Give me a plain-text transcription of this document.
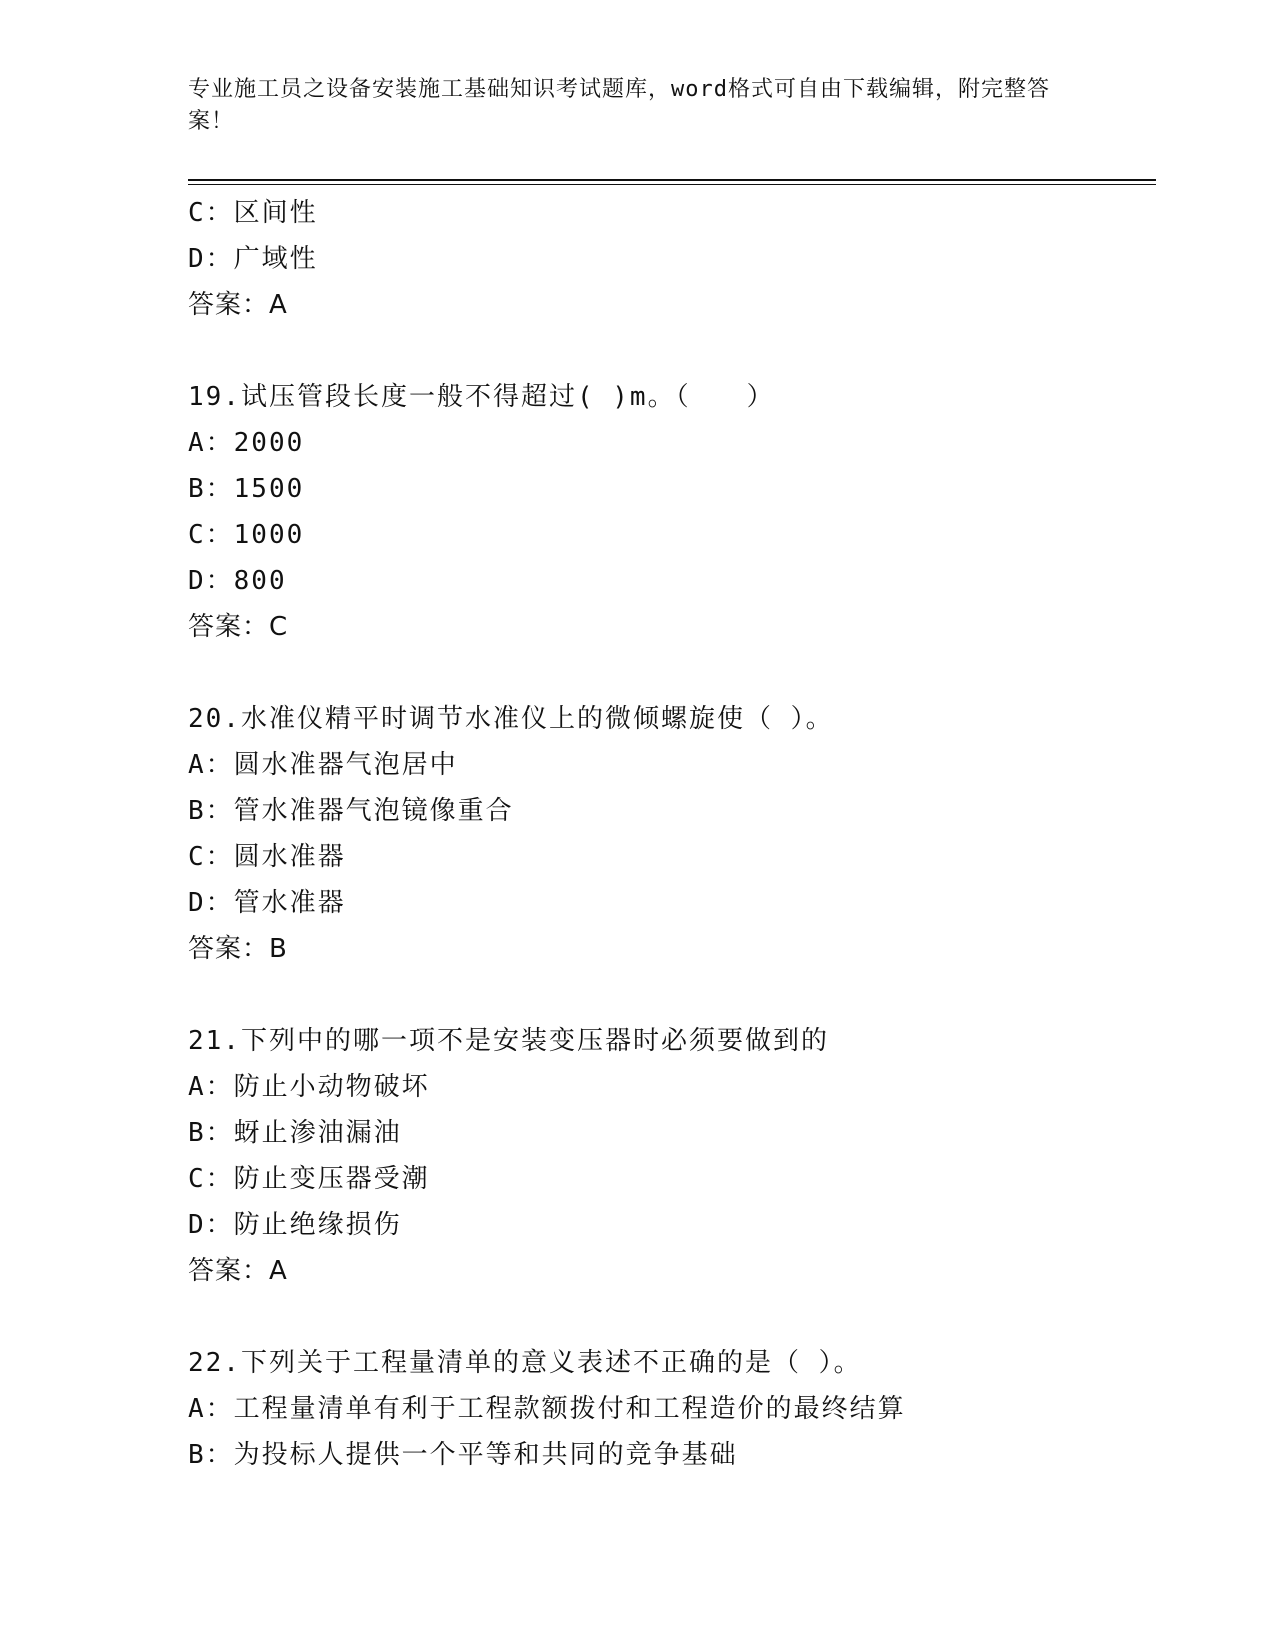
专业施工员之设备安装施工基础知识考试题库，word格式可自由下载编辑，附完整答案！
C：区间性
D：广域性
答案：A
19.试压管段长度一般不得超过( )m。（　　）
A：2000
B：1500
C：1000
D：800
答案：C
20.水准仪精平时调节水准仪上的微倾螺旋使（ ）。
A：圆水准器气泡居中
B：管水准器气泡镜像重合
C：圆水准器
D：管水准器
答案：B
21.下列中的哪一项不是安装变压器时必须要做到的
A：防止小动物破坏
B：蚜止渗油漏油
C：防止变压器受潮
D：防止绝缘损伤
答案：A
22.下列关于工程量清单的意义表述不正确的是（ ）。
A：工程量清单有利于工程款额拨付和工程造价的最终结算
B：为投标人提供一个平等和共同的竞争基础
